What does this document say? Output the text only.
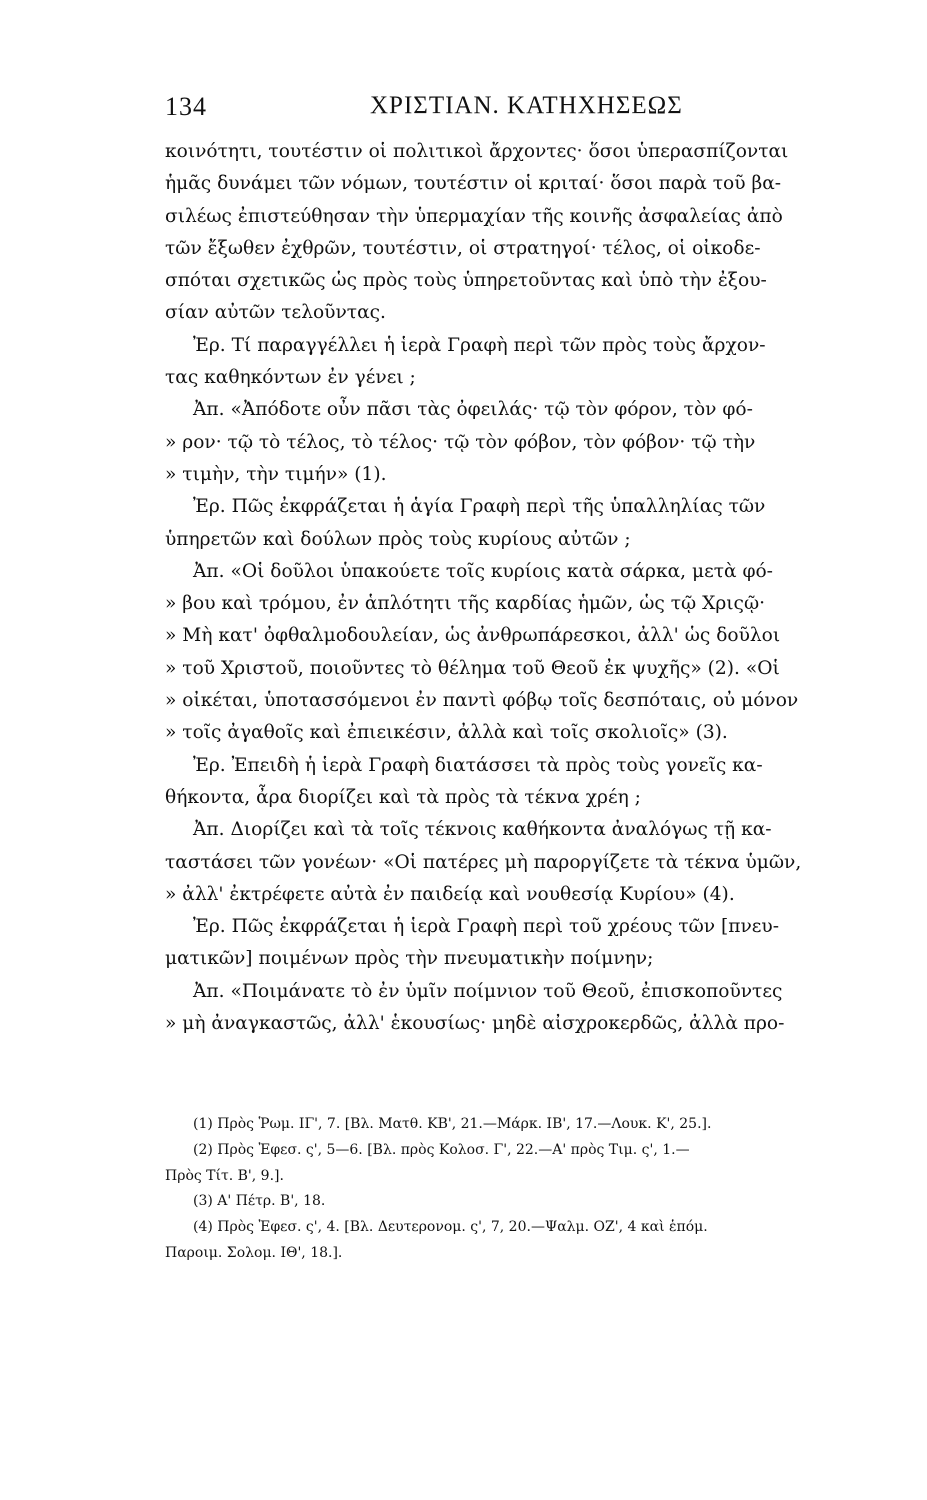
134	ΧΡΙΣΤΙΑΝ. ΚΑΤΗΧΗΣΕΩΣ
κοινότητι, τουτέστιν οἱ πολιτικοὶ ἄρχοντες· ὅσοι ὑπερασπίζονται
ἡμᾶς δυνάμει τῶν νόμων, τουτέστιν οἱ κριταί· ὅσοι παρὰ τοῦ βα-
σιλέως ἐπιστεύθησαν τὴν ὑπερμαχίαν τῆς κοινῆς ἀσφαλείας ἀπὸ
τῶν ἔξωθεν ἐχθρῶν, τουτέστιν, οἱ στρατηγοί· τέλος, οἱ οἰκοδε-
σπόται σχετικῶς ὡς πρὸς τοὺς ὑπηρετοῦντας καὶ ὑπὸ τὴν ἐξου-
σίαν αὐτῶν τελοῦντας.
Ἐρ. Τί παραγγέλλει ἡ ἱερὰ Γραφὴ περὶ τῶν πρὸς τοὺς ἄρχον-
τας καθηκόντων ἐν γένει ;
Ἀπ. «Ἀπόδοτε οὖν πᾶσι τὰς ὀφειλάς· τῷ τὸν φόρον, τὸν φό-
» ρον· τῷ τὸ τέλος, τὸ τέλος· τῷ τὸν φόβον, τὸν φόβον· τῷ τὴν
» τιμὴν, τὴν τιμήν» (1).
Ἐρ. Πῶς ἐκφράζεται ἡ ἁγία Γραφὴ περὶ τῆς ὑπαλληλίας τῶν
ὑπηρετῶν καὶ δούλων πρὸς τοὺς κυρίους αὐτῶν ;
Ἀπ. «Οἱ δοῦλοι ὑπακούετε τοῖς κυρίοις κατὰ σάρκα, μετὰ φό-
» βου καὶ τρόμου, ἐν ἁπλότητι τῆς καρδίας ἡμῶν, ὡς τῷ Χριςῷ·
» Μὴ κατ' ὀφθαλμοδουλείαν, ὡς ἀνθρωπάρεσκοι, ἀλλ' ὡς δοῦλοι
» τοῦ Χριστοῦ, ποιοῦντες τὸ θέλημα τοῦ Θεοῦ ἐκ ψυχῆς» (2). «Οἱ
» οἰκέται, ὑποτασσόμενοι ἐν παντὶ φόβῳ τοῖς δεσπόταις, οὐ μόνον
» τοῖς ἀγαθοῖς καὶ ἐπιεικέσιν, ἀλλὰ καὶ τοῖς σκολιοῖς» (3).
Ἐρ. Ἐπειδὴ ἡ ἱερὰ Γραφὴ διατάσσει τὰ πρὸς τοὺς γονεῖς κα-
θήκοντα, ἆρα διορίζει καὶ τὰ πρὸς τὰ τέκνα χρέη ;
Ἀπ. Διορίζει καὶ τὰ τοῖς τέκνοις καθήκοντα ἀναλόγως τῇ κα-
ταστάσει τῶν γονέων· «Οἱ πατέρες μὴ παροργίζετε τὰ τέκνα ὑμῶν,
» ἀλλ' ἐκτρέφετε αὐτὰ ἐν παιδείᾳ καὶ νουθεσίᾳ Κυρίου» (4).
Ἐρ. Πῶς ἐκφράζεται ἡ ἱερὰ Γραφὴ περὶ τοῦ χρέους τῶν [πνευ-
ματικῶν] ποιμένων πρὸς τὴν πνευματικὴν ποίμνην;
Ἀπ. «Ποιμάνατε τὸ ἐν ὑμῖν ποίμνιον τοῦ Θεοῦ, ἐπισκοποῦντες
» μὴ ἀναγκαστῶς, ἀλλ' ἑκουσίως· μηδὲ αἰσχροκερδῶς, ἀλλὰ προ-
(1) Πρὸς Ῥωμ. ΙΓ', 7. [Βλ. Ματθ. ΚΒ', 21.—Μάρκ. ΙΒ', 17.—Λουκ. Κ', 25.].
(2) Πρὸς Ἐφεσ. ς', 5—6. [Βλ. πρὸς Κολοσ. Γ', 22.—Α' πρὸς Τιμ. ς', 1.—
Πρὸς Τίτ. Β', 9.].
(3) Α' Πέτρ. Β', 18.
(4) Πρὸς Ἐφεσ. ς', 4. [Βλ. Δευτερονομ. ς', 7, 20.—Ψαλμ. ΟΖ', 4 καὶ ἑπόμ.
Παροιμ. Σολομ. ΙΘ', 18.].
